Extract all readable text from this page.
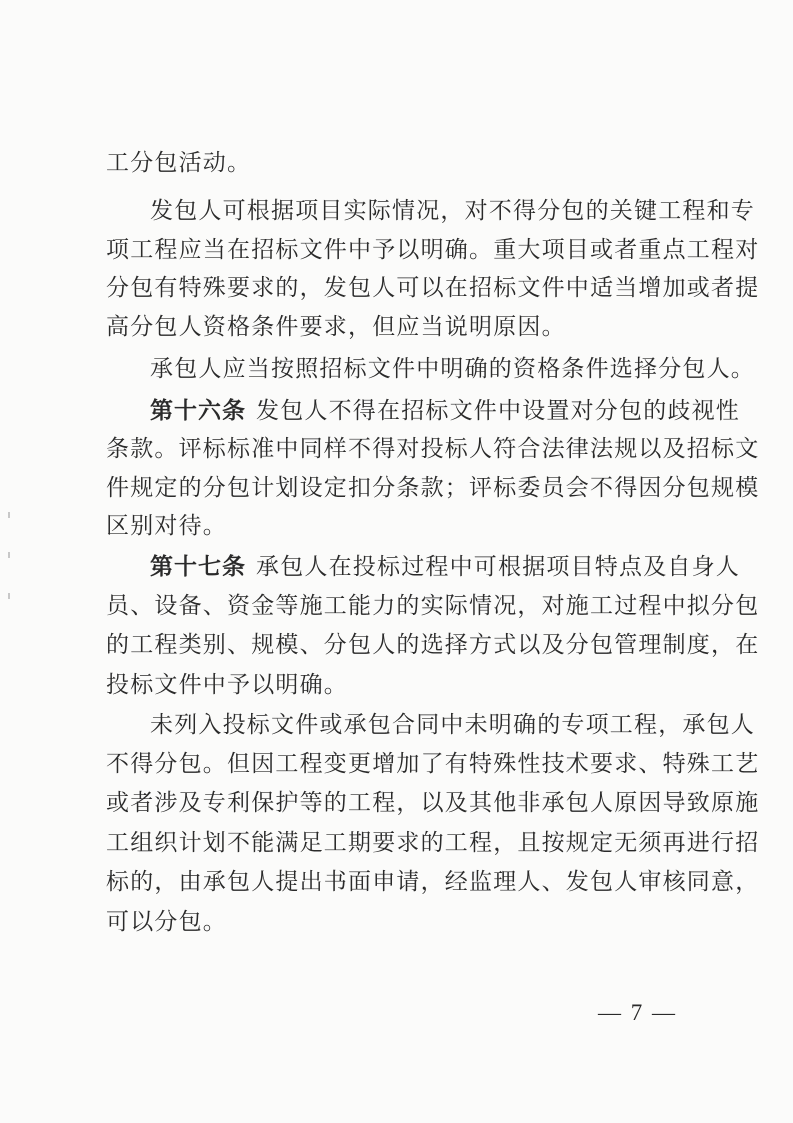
工分包活动。
发包人可根据项目实际情况，对不得分包的关键工程和专
项工程应当在招标文件中予以明确。重大项目或者重点工程对
分包有特殊要求的，发包人可以在招标文件中适当增加或者提
高分包人资格条件要求，但应当说明原因。
承包人应当按照招标文件中明确的资格条件选择分包人。
第十六条 发包人不得在招标文件中设置对分包的歧视性
条款。评标标准中同样不得对投标人符合法律法规以及招标文
件规定的分包计划设定扣分条款；评标委员会不得因分包规模
区别对待。
第十七条 承包人在投标过程中可根据项目特点及自身人
员、设备、资金等施工能力的实际情况，对施工过程中拟分包
的工程类别、规模、分包人的选择方式以及分包管理制度，在
投标文件中予以明确。
未列入投标文件或承包合同中未明确的专项工程，承包人
不得分包。但因工程变更增加了有特殊性技术要求、特殊工艺
或者涉及专利保护等的工程，以及其他非承包人原因导致原施
工组织计划不能满足工期要求的工程，且按规定无须再进行招
标的，由承包人提出书面申请，经监理人、发包人审核同意，
可以分包。
— 7 —
